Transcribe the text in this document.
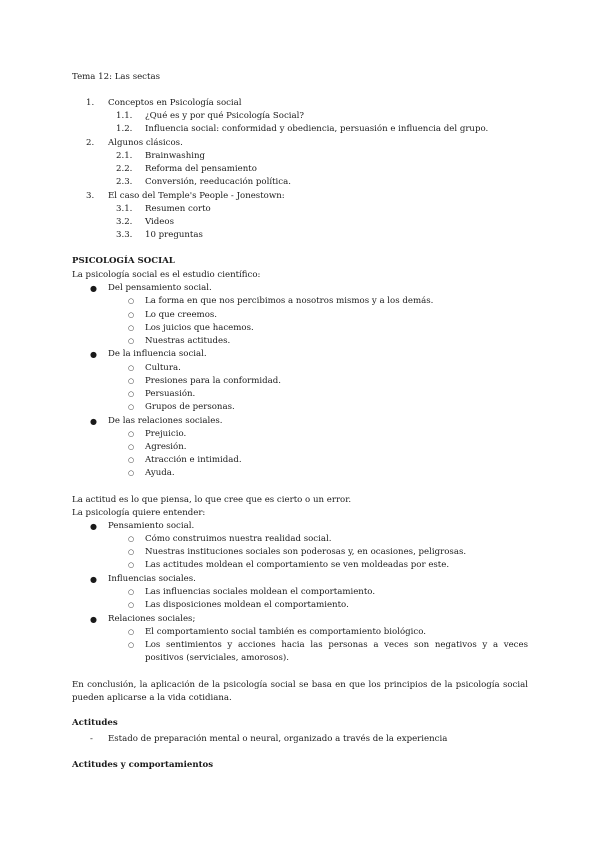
Tema 12: Las sectas
1. Conceptos en Psicología social
1.1. ¿Qué es y por qué Psicología Social?
1.2. Influencia social: conformidad y obediencia, persuasión e influencia del grupo.
2. Algunos clásicos.
2.1. Brainwashing
2.2. Reforma del pensamiento
2.3. Conversión, reeducación política.
3. El caso del Temple's People - Jonestown:
3.1. Resumen corto
3.2. Videos
3.3. 10 preguntas
PSICOLOGÍA SOCIAL
La psicología social es el estudio científico:
● Del pensamiento social.
○ La forma en que nos percibimos a nosotros mismos y a los demás.
○ Lo que creemos.
○ Los juicios que hacemos.
○ Nuestras actitudes.
● De la influencia social.
○ Cultura.
○ Presiones para la conformidad.
○ Persuasión.
○ Grupos de personas.
● De las relaciones sociales.
○ Prejuicio.
○ Agresión.
○ Atracción e intimidad.
○ Ayuda.
La actitud es lo que piensa, lo que cree que es cierto o un error.
La psicología quiere entender:
● Pensamiento social.
○ Cómo construimos nuestra realidad social.
○ Nuestras instituciones sociales son poderosas y, en ocasiones, peligrosas.
○ Las actitudes moldean el comportamiento se ven moldeadas por este.
● Influencias sociales.
○ Las influencias sociales moldean el comportamiento.
○ Las disposiciones moldean el comportamiento.
● Relaciones sociales;
○ El comportamiento social también es comportamiento biológico.
○ Los sentimientos y acciones hacia las personas a veces son negativos y a veces positivos (serviciales, amorosos).
En conclusión, la aplicación de la psicología social se basa en que los principios de la psicología social pueden aplicarse a la vida cotidiana.
Actitudes
- Estado de preparación mental o neural, organizado a través de la experiencia
Actitudes y comportamientos
